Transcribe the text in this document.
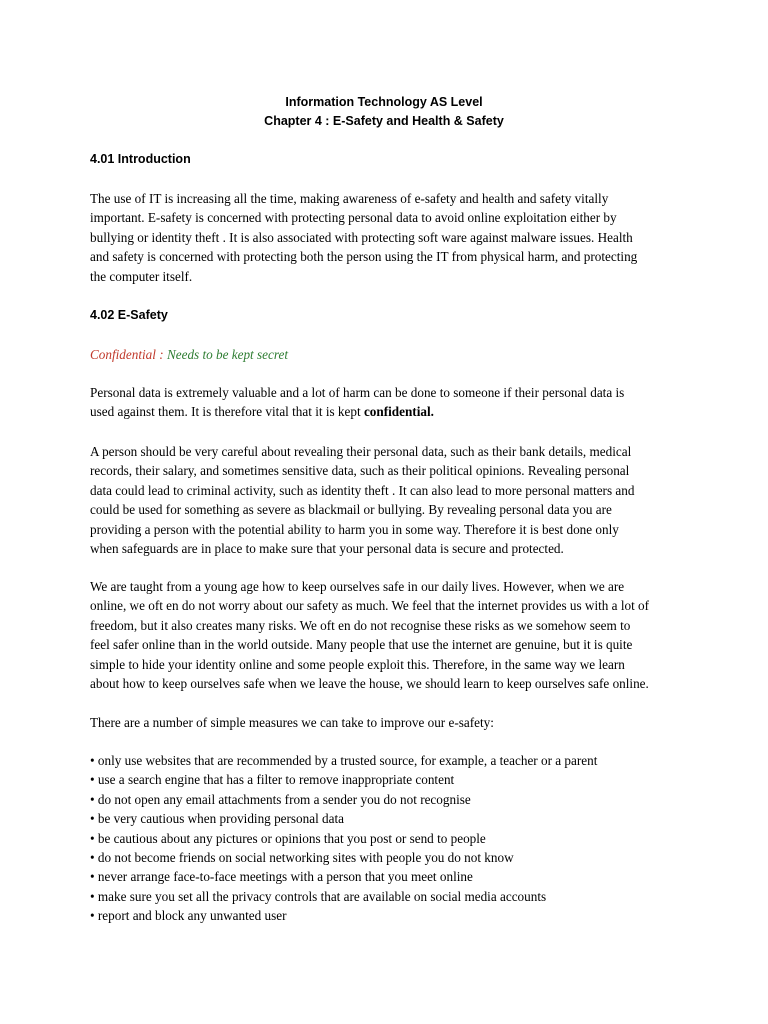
Information Technology AS Level
Chapter 4 : E-Safety and Health & Safety
4.01 Introduction

The use of IT is increasing all the time, making awareness of e-safety and health and safety vitally
important. E-safety is concerned with protecting personal data to avoid online exploitation either by
bullying or identity theft . It is also associated with protecting soft ware against malware issues. Health
and safety is concerned with protecting both the person using the IT from physical harm, and protecting
the computer itself.

4.02 E-Safety
Confidential : Needs to be kept secret

Personal data is extremely valuable and a lot of harm can be done to someone if their personal data is
used against them. It is therefore vital that it is kept confidential.

A person should be very careful about revealing their personal data, such as their bank details, medical
records, their salary, and sometimes sensitive data, such as their political opinions. Revealing personal
data could lead to criminal activity, such as identity theft . It can also lead to more personal matters and
could be used for something as severe as blackmail or bullying. By revealing personal data you are
providing a person with the potential ability to harm you in some way. Therefore it is best done only
when safeguards are in place to make sure that your personal data is secure and protected.

We are taught from a young age how to keep ourselves safe in our daily lives. However, when we are
online, we oft en do not worry about our safety as much. We feel that the internet provides us with a lot of
freedom, but it also creates many risks. We oft en do not recognise these risks as we somehow seem to
feel safer online than in the world outside. Many people that use the internet are genuine, but it is quite
simple to hide your identity online and some people exploit this. Therefore, in the same way we learn
about how to keep ourselves safe when we leave the house, we should learn to keep ourselves safe online.

There are a number of simple measures we can take to improve our e-safety:

• only use websites that are recommended by a trusted source, for example, a teacher or a parent
• use a search engine that has a filter to remove inappropriate content
• do not open any email attachments from a sender you do not recognise
• be very cautious when providing personal data
• be cautious about any pictures or opinions that you post or send to people
• do not become friends on social networking sites with people you do not know
• never arrange face-to-face meetings with a person that you meet online
• make sure you set all the privacy controls that are available on social media accounts
• report and block any unwanted user
